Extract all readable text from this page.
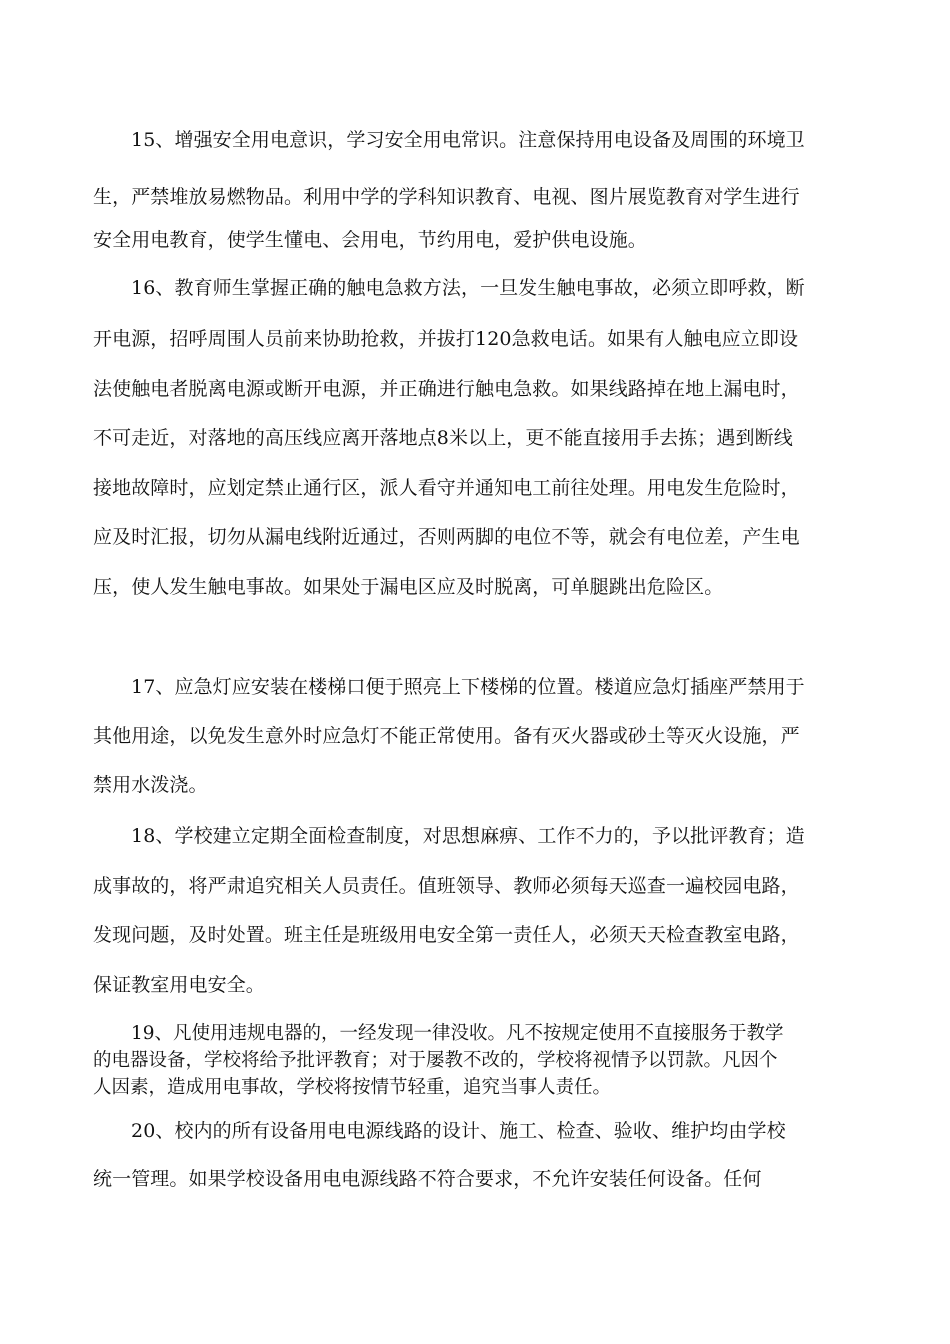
15、增强安全用电意识，学习安全用电常识。注意保持用电设备及周围的环境卫

生，严禁堆放易燃物品。利用中学的学科知识教育、电视、图片展览教育对学生进行

安全用电教育，使学生懂电、会用电，节约用电，爱护供电设施。

16、教育师生掌握正确的触电急救方法，一旦发生触电事故，必须立即呼救，断

开电源，招呼周围人员前来协助抢救，并拔打120急救电话。如果有人触电应立即设

法使触电者脱离电源或断开电源，并正确进行触电急救。如果线路掉在地上漏电时，

不可走近，对落地的高压线应离开落地点8米以上，更不能直接用手去拣；遇到断线

接地故障时，应划定禁止通行区，派人看守并通知电工前往处理。用电发生危险时，

应及时汇报，切勿从漏电线附近通过，否则两脚的电位不等，就会有电位差，产生电

压，使人发生触电事故。如果处于漏电区应及时脱离，可单腿跳出危险区。

17、应急灯应安装在楼梯口便于照亮上下楼梯的位置。楼道应急灯插座严禁用于

其他用途，以免发生意外时应急灯不能正常使用。备有灭火器或砂土等灭火设施，严

禁用水泼浇。

18、学校建立定期全面检查制度，对思想麻痹、工作不力的，予以批评教育；造

成事故的，将严肃追究相关人员责任。值班领导、教师必须每天巡查一遍校园电路，

发现问题，及时处置。班主任是班级用电安全第一责任人，必须天天检查教室电路，

保证教室用电安全。

19、凡使用违规电器的，一经发现一律没收。凡不按规定使用不直接服务于教学

的电器设备，学校将给予批评教育；对于屡教不改的，学校将视情予以罚款。凡因个

人因素，造成用电事故，学校将按情节轻重，追究当事人责任。

20、校内的所有设备用电电源线路的设计、施工、检查、验收、维护均由学校

统一管理。如果学校设备用电电源线路不符合要求，不允许安装任何设备。任何
